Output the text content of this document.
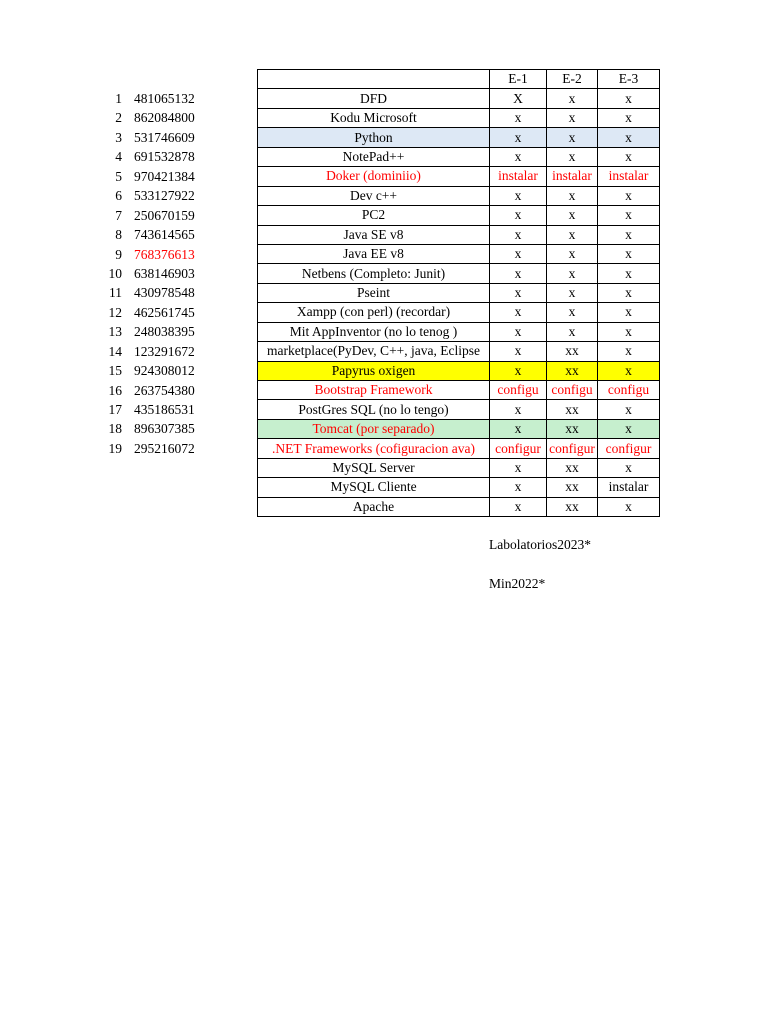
1 481065132
2 862084800
3 531746609
4 691532878
5 970421384
6 533127922
7 250670159
8 743614565
9 768376613
10 638146903
11 430978548
12 462561745
13 248038395
14 123291672
15 924308012
16 263754380
17 435186531
18 896307385
19 295216072
	E-1	E-2	E-3
DFD	X	x	x
Kodu Microsoft	x	x	x
Python	x	x	x
NotePad++	x	x	x
Doker (dominiio)	instalar	instalar	instalar
Dev c++	x	x	x
PC2	x	x	x
Java SE v8	x	x	x
Java EE v8	x	x	x
Netbens (Completo: Junit)	x	x	x
Pseint	x	x	x
Xampp (con perl) (recordar)	x	x	x
Mit AppInventor (no lo tenog )	x	x	x
marketplace(PyDev, C++, java, Eclipse	x	xx	x
Papyrus oxigen	x	xx	x
Bootstrap Framework	configu	configu	configu
PostGres SQL (no lo tengo)	x	xx	x
Tomcat (por separado)	x	xx	x
.NET Frameworks (cofiguracion ava)	configur	configur	configur
MySQL Server	x	xx	x
MySQL Cliente	x	xx	instalar
Apache	x	xx	x
Labolatorios2023*
Min2022*
